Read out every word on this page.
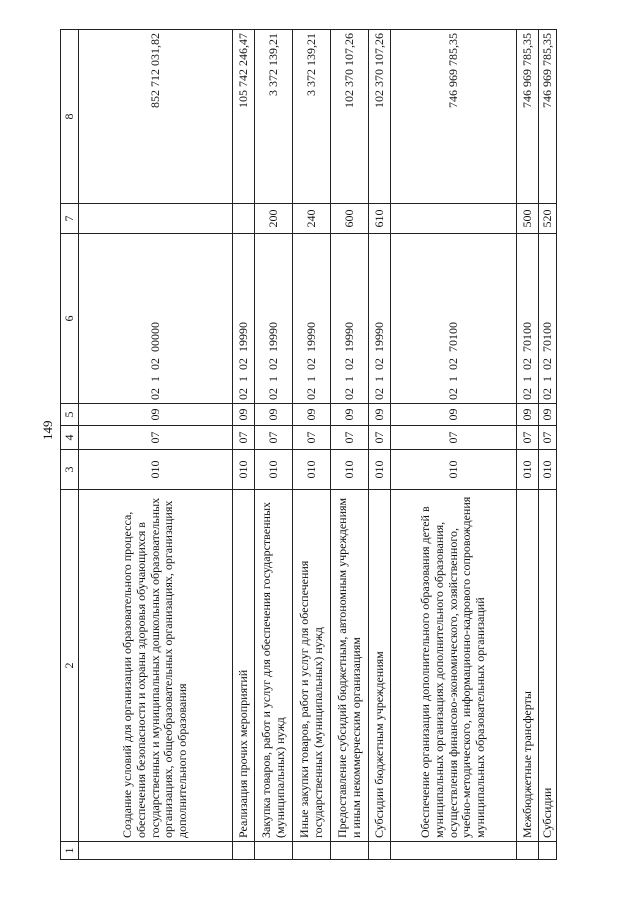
149
1	2	3	4	5	6	7	8
	Создание условий для организации образовательного процесса, обеспечения безопасности и охраны здоровья обучающихся в государственных и муниципальных дошкольных образовательных организациях, общеобразовательных организациях, организациях дополнительного образования	010	07	09	02  1  02  00000		852 712 031,82
	Реализация прочих мероприятий	010	07	09	02  1  02  19990		105 742 246,47
	Закупка товаров, работ и услуг для обеспечения государственных (муниципальных) нужд	010	07	09	02  1  02  19990	200	3 372 139,21
	Иные закупки товаров, работ и услуг для обеспечения государственных (муниципальных) нужд	010	07	09	02  1  02  19990	240	3 372 139,21
	Предоставление субсидий бюджетным, автономным учреждениям и иным некоммерческим организациям	010	07	09	02  1  02  19990	600	102 370 107,26
	Субсидии бюджетным учреждениям	010	07	09	02  1  02  19990	610	102 370 107,26
	Обеспечение организации дополнительного образования детей в муниципальных организациях дополнительного образования, осуществления финансово-экономического, хозяйственного, учебно-методического, информационно-кадрового сопровождения муниципальных образовательных организаций	010	07	09	02  1  02  70100		746 969 785,35
	Межбюджетные трансферты	010	07	09	02  1  02  70100	500	746 969 785,35
	Субсидии	010	07	09	02  1  02  70100	520	746 969 785,35
